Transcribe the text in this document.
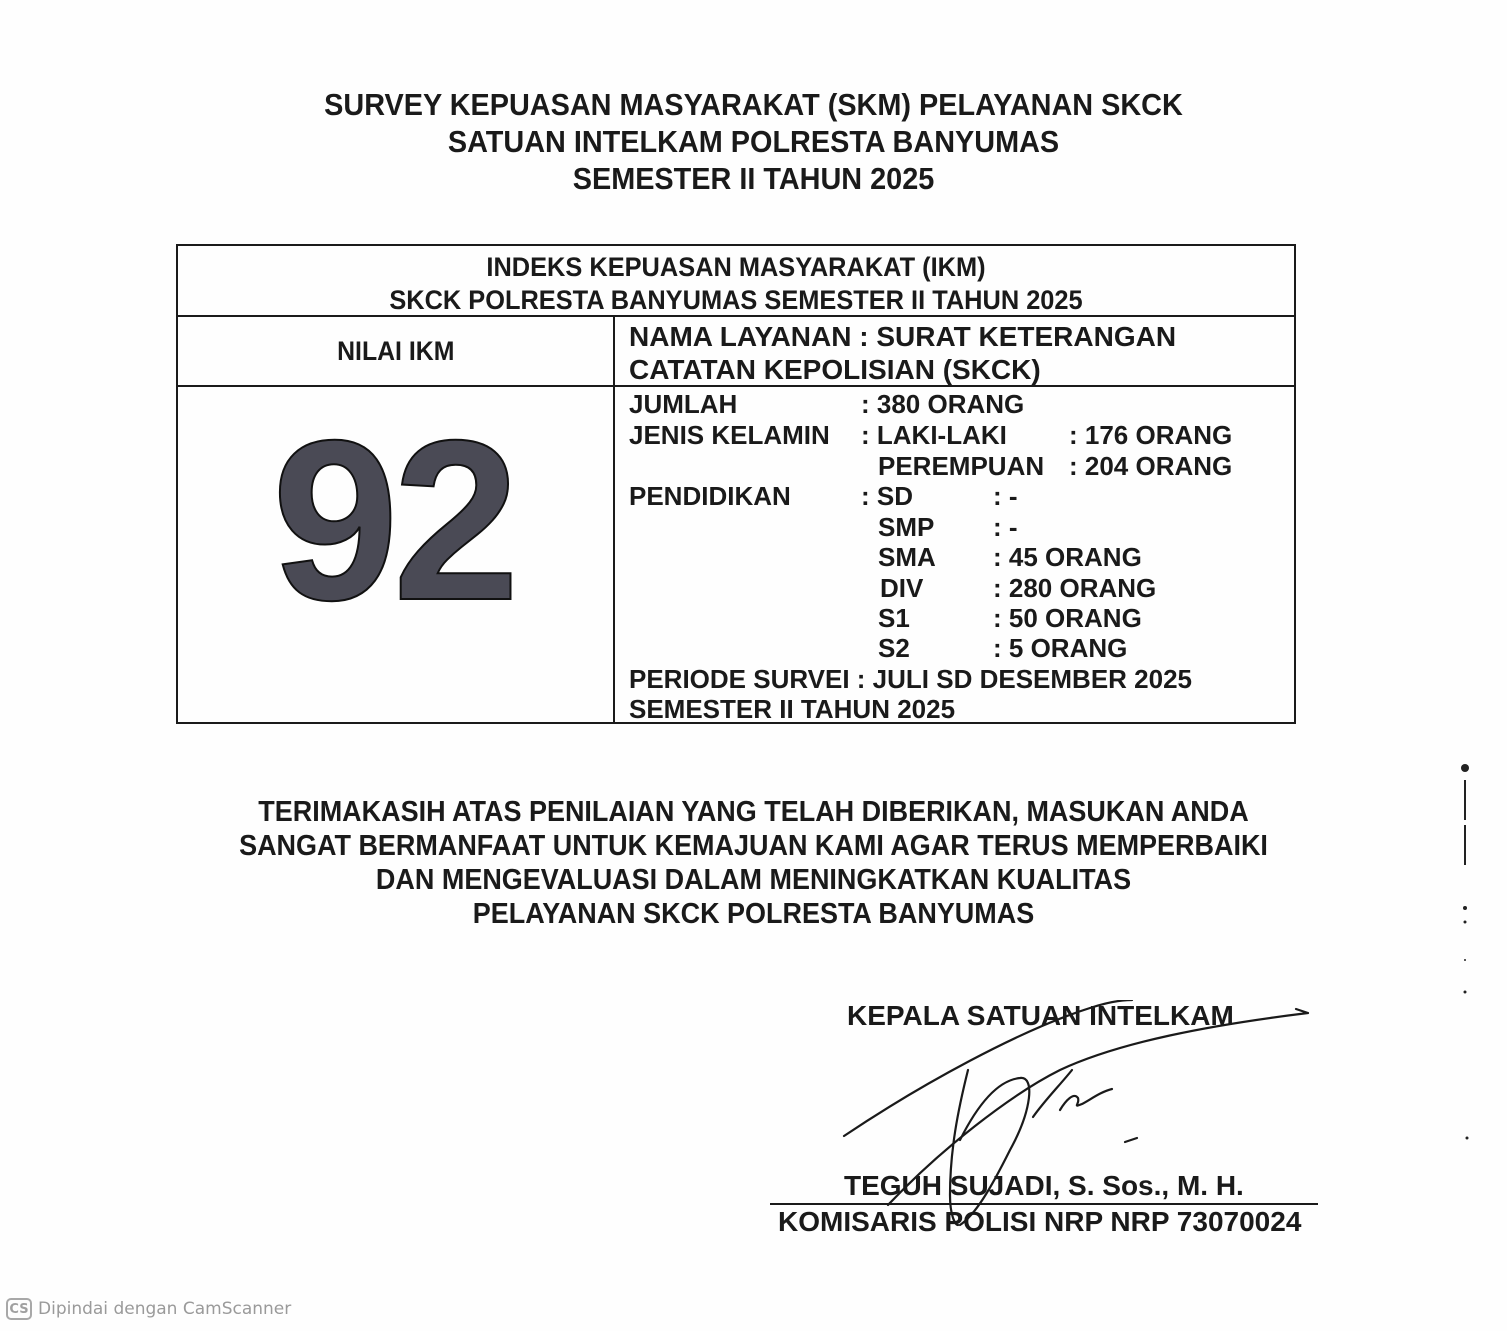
SURVEY KEPUASAN MASYARAKAT (SKM) PELAYANAN SKCK
SATUAN INTELKAM POLRESTA BANYUMAS
SEMESTER II TAHUN 2025
INDEKS KEPUASAN MASYARAKAT (IKM)
SKCK POLRESTA BANYUMAS SEMESTER II TAHUN 2025
NILAI IKM	NAMA LAYANAN : SURAT KETERANGAN
CATATAN KEPOLISIAN (SKCK)
92	JUMLAH	: 380 ORANG
JENIS KELAMIN : LAKI-LAKI : 176 ORANG
PEREMPUAN : 204 ORANG
PENDIDIKAN	: SD	: -
SMP : -
SMA : 45 ORANG
DIV	: 280 ORANG
S1	: 50 ORANG
S2	: 5 ORANG
PERIODE SURVEI : JULI SD DESEMBER 2025
SEMESTER II TAHUN 2025
TERIMAKASIH ATAS PENILAIAN YANG TELAH DIBERIKAN, MASUKAN ANDA
SANGAT BERMANFAAT UNTUK KEMAJUAN KAMI AGAR TERUS MEMPERBAIKI
DAN MENGEVALUASI DALAM MENINGKATKAN KUALITAS
PELAYANAN SKCK POLRESTA BANYUMAS
KEPALA SATUAN INTELKAM
TEGUH SUJADI, S. Sos., M. H.
KOMISARIS POLISI NRP NRP 73070024
CS Dipindai dengan CamScanner
